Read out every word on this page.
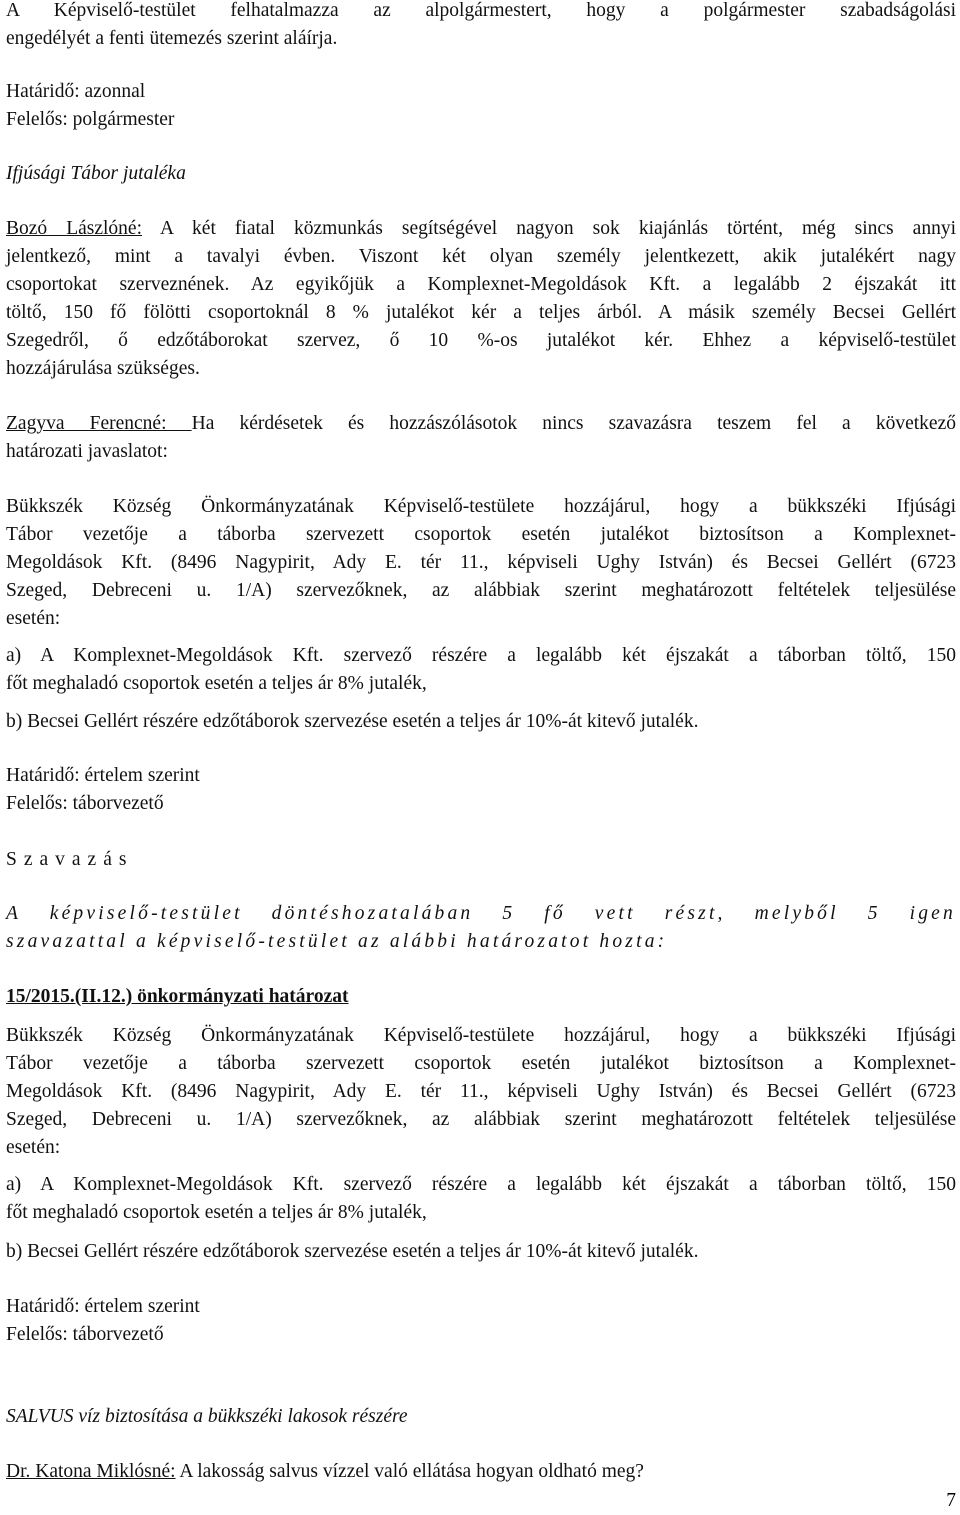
A Képviselő-testület felhatalmazza az alpolgármestert, hogy a polgármester szabadságolási
engedélyét a fenti ütemezés szerint aláírja.
Határidő: azonnal
Felelős: polgármester
Ifjúsági Tábor jutaléka
Bozó Lászlóné: A két fiatal közmunkás segítségével nagyon sok kiajánlás történt, még sincs annyi
jelentkező, mint a tavalyi évben. Viszont két olyan személy jelentkezett, akik jutalékért nagy
csoportokat szerveznének. Az egyikőjük a Komplexnet-Megoldások Kft. a legalább 2 éjszakát itt
töltő, 150 fő fölötti csoportoknál 8 % jutalékot kér a teljes árból. A másik személy Becsei Gellért
Szegedről, ő edzőtáborokat szervez, ő 10 %-os jutalékot kér. Ehhez a képviselő-testület
hozzájárulása szükséges.
Zagyva Ferencné: Ha kérdésetek és hozzászólásotok nincs szavazásra teszem fel a következő
határozati javaslatot:
Bükkszék Község Önkormányzatának Képviselő-testülete hozzájárul, hogy a bükkszéki Ifjúsági
Tábor vezetője a táborba szervezett csoportok esetén jutalékot biztosítson a Komplexnet-
Megoldások Kft. (8496 Nagypirit, Ady E. tér 11., képviseli Ughy István) és Becsei Gellért (6723
Szeged, Debreceni u. 1/A) szervezőknek, az alábbiak szerint meghatározott feltételek teljesülése
esetén:
a) A Komplexnet-Megoldások Kft. szervező részére a legalább két éjszakát a táborban töltő, 150
főt meghaladó csoportok esetén a teljes ár 8% jutalék,
b) Becsei Gellért részére edzőtáborok szervezése esetén a teljes ár 10%-át kitevő jutalék.
Határidő: értelem szerint
Felelős: táborvezető
Szavazás
A képviselő-testület döntéshozatalában 5 fő vett részt, melyből 5 igen
szavazattal a képviselő-testület az alábbi határozatot hozta:
15/2015.(II.12.) önkormányzati határozat
Bükkszék Község Önkormányzatának Képviselő-testülete hozzájárul, hogy a bükkszéki Ifjúsági
Tábor vezetője a táborba szervezett csoportok esetén jutalékot biztosítson a Komplexnet-
Megoldások Kft. (8496 Nagypirit, Ady E. tér 11., képviseli Ughy István) és Becsei Gellért (6723
Szeged, Debreceni u. 1/A) szervezőknek, az alábbiak szerint meghatározott feltételek teljesülése
esetén:
a) A Komplexnet-Megoldások Kft. szervező részére a legalább két éjszakát a táborban töltő, 150
főt meghaladó csoportok esetén a teljes ár 8% jutalék,
b) Becsei Gellért részére edzőtáborok szervezése esetén a teljes ár 10%-át kitevő jutalék.
Határidő: értelem szerint
Felelős: táborvezető
SALVUS víz biztosítása a bükkszéki lakosok részére
Dr. Katona Miklósné: A lakosság salvus vízzel való ellátása hogyan oldható meg?
7
